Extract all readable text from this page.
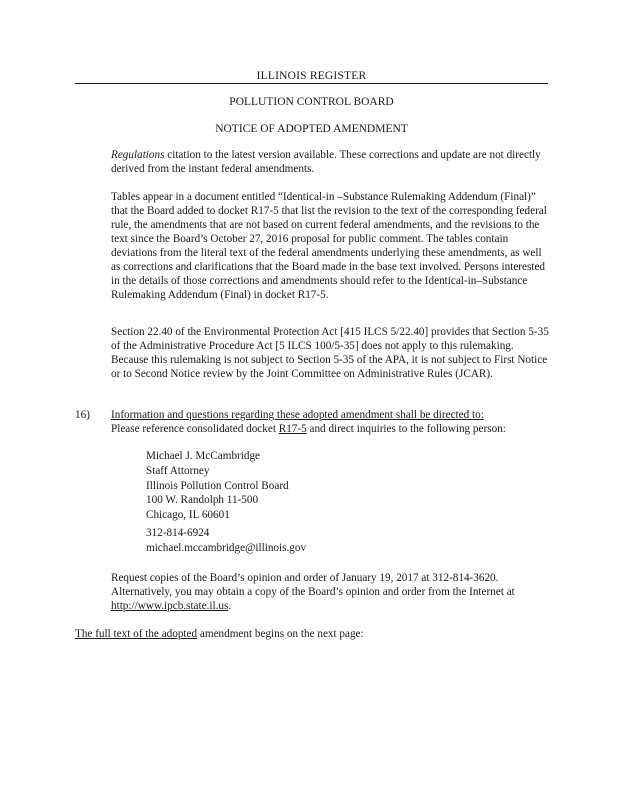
ILLINOIS REGISTER
POLLUTION CONTROL BOARD
NOTICE OF ADOPTED AMENDMENT

Regulations citation to the latest version available. These corrections and update are not directly derived from the instant federal amendments.

Tables appear in a document entitled “Identical-in –Substance Rulemaking Addendum (Final)” that the Board added to docket R17-5 that list the revision to the text of the corresponding federal rule, the amendments that are not based on current federal amendments, and the revisions to the text since the Board’s October 27, 2016 proposal for public comment. The tables contain deviations from the literal text of the federal amendments underlying these amendments, as well as corrections and clarifications that the Board made in the base text involved. Persons interested in the details of those corrections and amendments should refer to the Identical-in–Substance Rulemaking Addendum (Final) in docket R17-5.

Section 22.40 of the Environmental Protection Act [415 ILCS 5/22.40] provides that Section 5-35 of the Administrative Procedure Act [5 ILCS 100/5-35] does not apply to this rulemaking. Because this rulemaking is not subject to Section 5-35 of the APA, it is not subject to First Notice or to Second Notice review by the Joint Committee on Administrative Rules (JCAR).

16) Information and questions regarding these adopted amendment shall be directed to:
Please reference consolidated docket R17-5 and direct inquiries to the following person:

Michael J. McCambridge
Staff Attorney
Illinois Pollution Control Board
100 W. Randolph 11-500
Chicago, IL 60601
312-814-6924
michael.mccambridge@illinois.gov

Request copies of the Board’s opinion and order of January 19, 2017 at 312-814-3620. Alternatively, you may obtain a copy of the Board’s opinion and order from the Internet at http://www.ipcb.state.il.us.

The full text of the adopted amendment begins on the next page:
